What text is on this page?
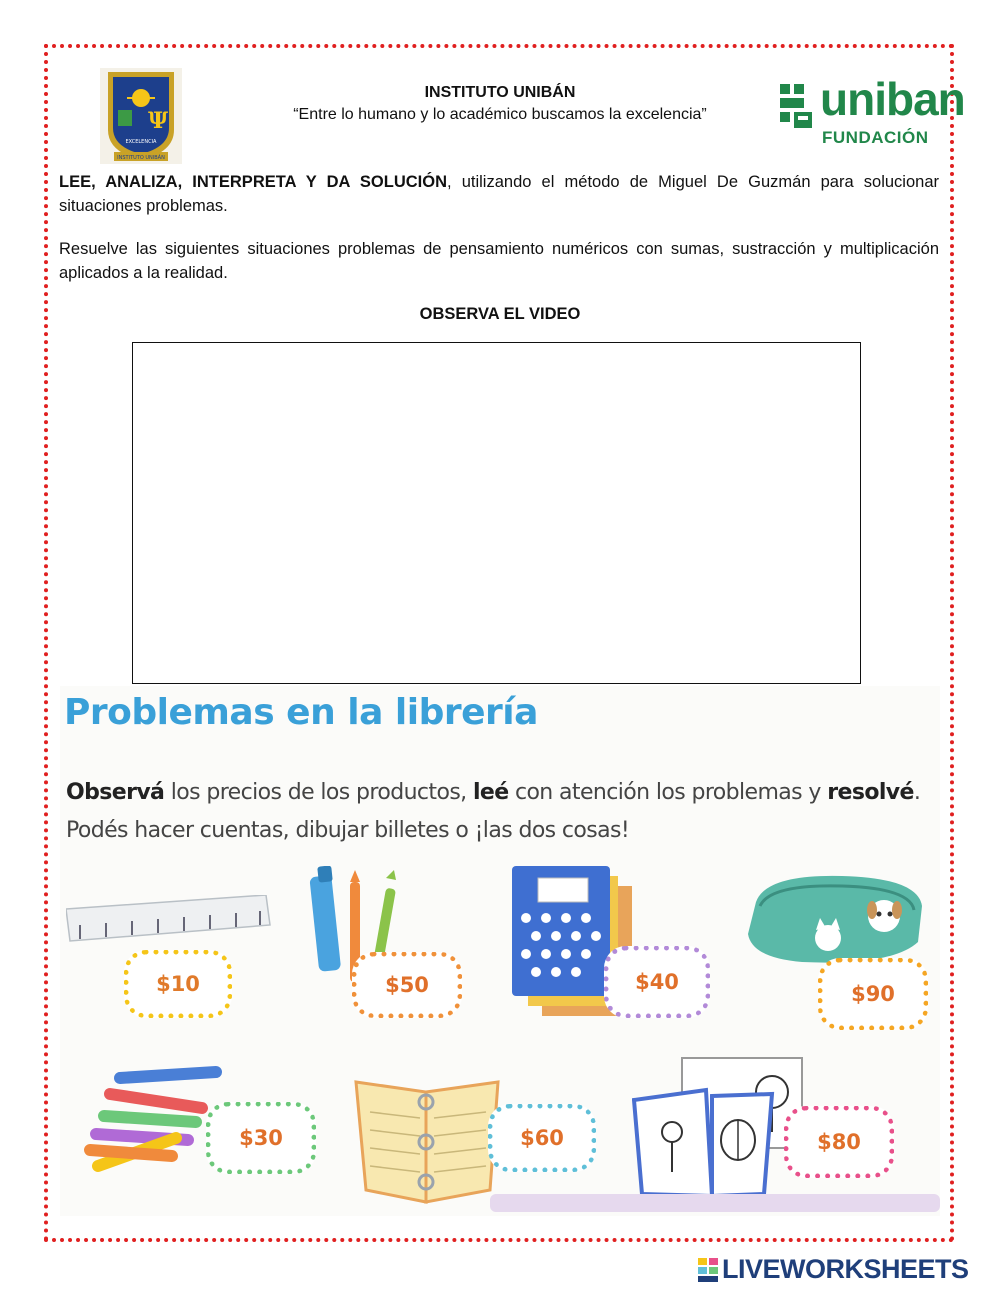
Ψ
EXCELENCIA
INSTITUTO UNIBÁN
INSTITUTO UNIBÁN
“Entre lo humano y lo académico buscamos la excelencia”	uniban
FUNDACIÓN

LEE, ANALIZA, INTERPRETA Y DA SOLUCIÓN, utilizando el método de Miguel De Guzmán para solucionar situaciones problemas.

Resuelve las siguientes situaciones problemas de pensamiento numéricos con sumas, sustracción y multiplicación aplicados a la realidad.

OBSERVA EL VIDEO
Problemas en la librería

Observá los precios de los productos, leé con atención los problemas y resolvé. Podés hacer cuentas, dibujar billetes o ¡las dos cosas!

$10	$50	$40	$90
$30	$60	$80
LIVEWORKSHEETS
